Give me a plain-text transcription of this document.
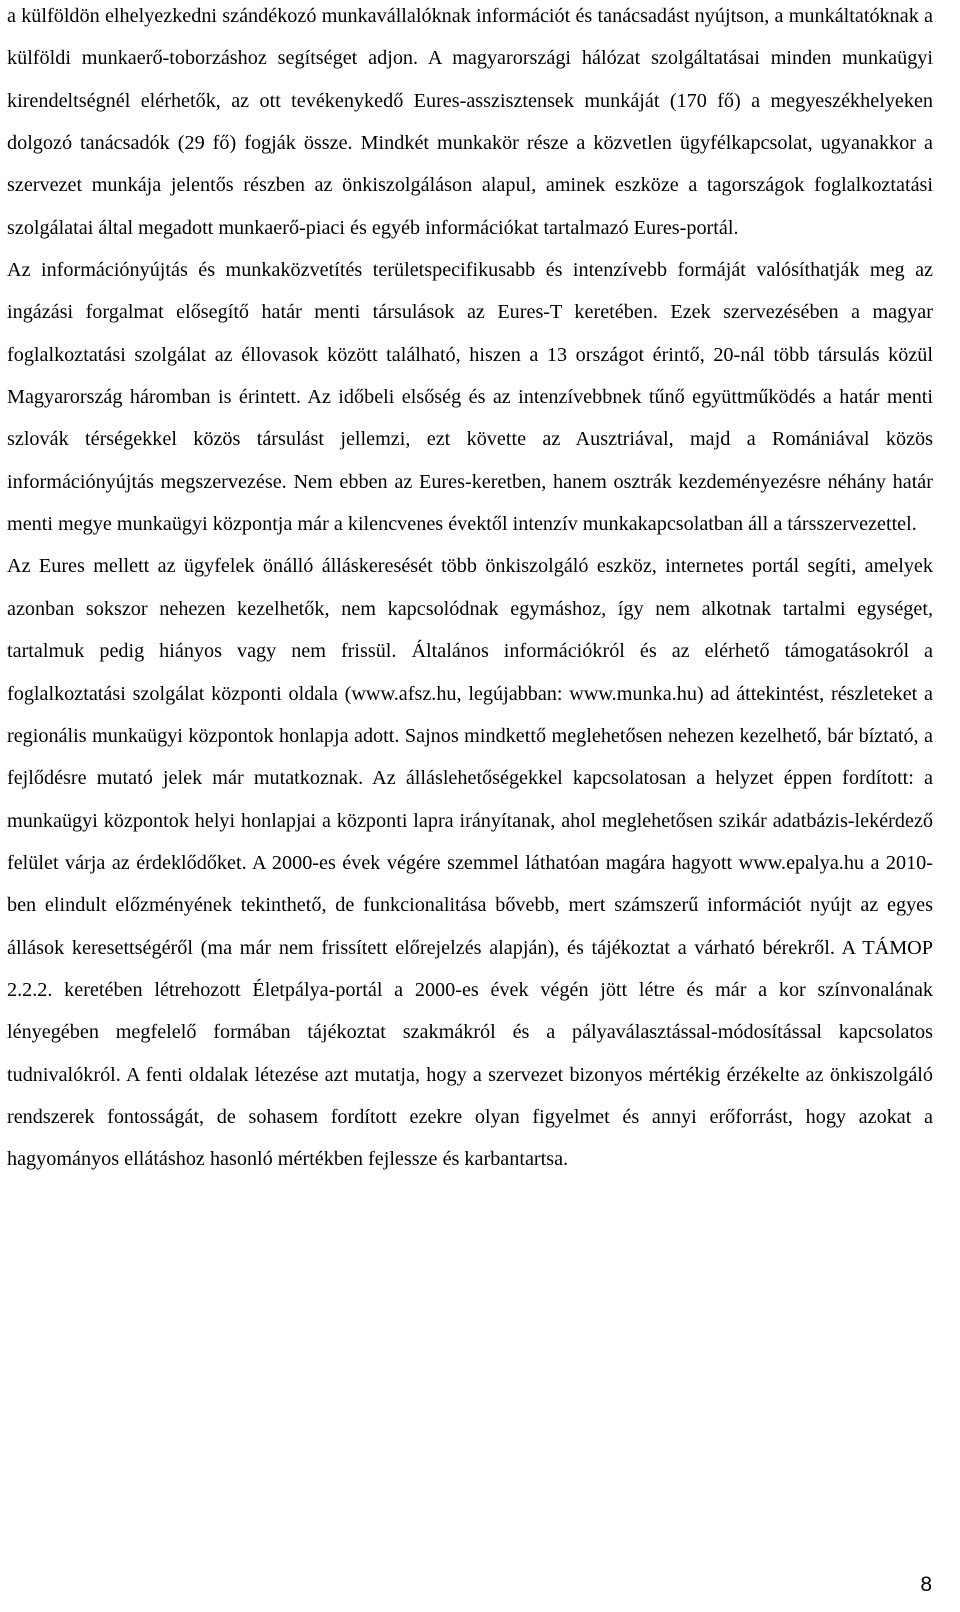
a külföldön elhelyezkedni szándékozó munkavállalóknak információt és tanácsadást nyújtson, a munkáltatóknak a külföldi munkaerő-toborzáshoz segítséget adjon. A magyarországi hálózat szolgáltatásai minden munkaügyi kirendeltségnél elérhetők, az ott tevékenykedő Eures-asszisztensek munkáját (170 fő) a megyeszékhelyeken dolgozó tanácsadók (29 fő) fogják össze. Mindkét munkakör része a közvetlen ügyfélkapcsolat, ugyanakkor a szervezet munkája jelentős részben az önkiszolgáláson alapul, aminek eszköze a tagországok foglalkoztatási szolgálatai által megadott munkaerő-piaci és egyéb információkat tartalmazó Eures-portál.

Az információnyújtás és munkaközvetítés területspecifikusabb és intenzívebb formáját valósíthatják meg az ingázási forgalmat elősegítő határ menti társulások az Eures-T keretében. Ezek szervezésében a magyar foglalkoztatási szolgálat az éllovasok között található, hiszen a 13 országot érintő, 20-nál több társulás közül Magyarország háromban is érintett. Az időbeli elsőség és az intenzívebbnek tűnő együttműködés a határ menti szlovák térségekkel közös társulást jellemzi, ezt követte az Ausztriával, majd a Romániával közös információnyújtás megszervezése. Nem ebben az Eures-keretben, hanem osztrák kezdeményezésre néhány határ menti megye munkaügyi központja már a kilencvenes évektől intenzív munkakapcsolatban áll a társszervezettel.

Az Eures mellett az ügyfelek önálló álláskeresését több önkiszolgáló eszköz, internetes portál segíti, amelyek azonban sokszor nehezen kezelhetők, nem kapcsolódnak egymáshoz, így nem alkotnak tartalmi egységet, tartalmuk pedig hiányos vagy nem frissül. Általános információkról és az elérhető támogatásokról a foglalkoztatási szolgálat központi oldala (www.afsz.hu, legújabban: www.munka.hu) ad áttekintést, részleteket a regionális munkaügyi központok honlapja adott. Sajnos mindkettő meglehetősen nehezen kezelhető, bár bíztató, a fejlődésre mutató jelek már mutatkoznak. Az álláslehetőségekkel kapcsolatosan a helyzet éppen fordított: a munkaügyi központok helyi honlapjai a központi lapra irányítanak, ahol meglehetősen szikár adatbázis-lekérdező felület várja az érdeklődőket. A 2000-es évek végére szemmel láthatóan magára hagyott www.epalya.hu a 2010-ben elindult előzményének tekinthető, de funkcionalitása bővebb, mert számszerű információt nyújt az egyes állások keresettségéről (ma már nem frissített előrejelzés alapján), és tájékoztat a várható bérekről. A TÁMOP 2.2.2. keretében létrehozott Életpálya-portál a 2000-es évek végén jött létre és már a kor színvonalának lényegében megfelelő formában tájékoztat szakmákról és a pályaválasztással-módosítással kapcsolatos tudnivalókról. A fenti oldalak létezése azt mutatja, hogy a szervezet bizonyos mértékig érzékelte az önkiszolgáló rendszerek fontosságát, de sohasem fordított ezekre olyan figyelmet és annyi erőforrást, hogy azokat a hagyományos ellátáshoz hasonló mértékben fejlessze és karbantartsa.

8
